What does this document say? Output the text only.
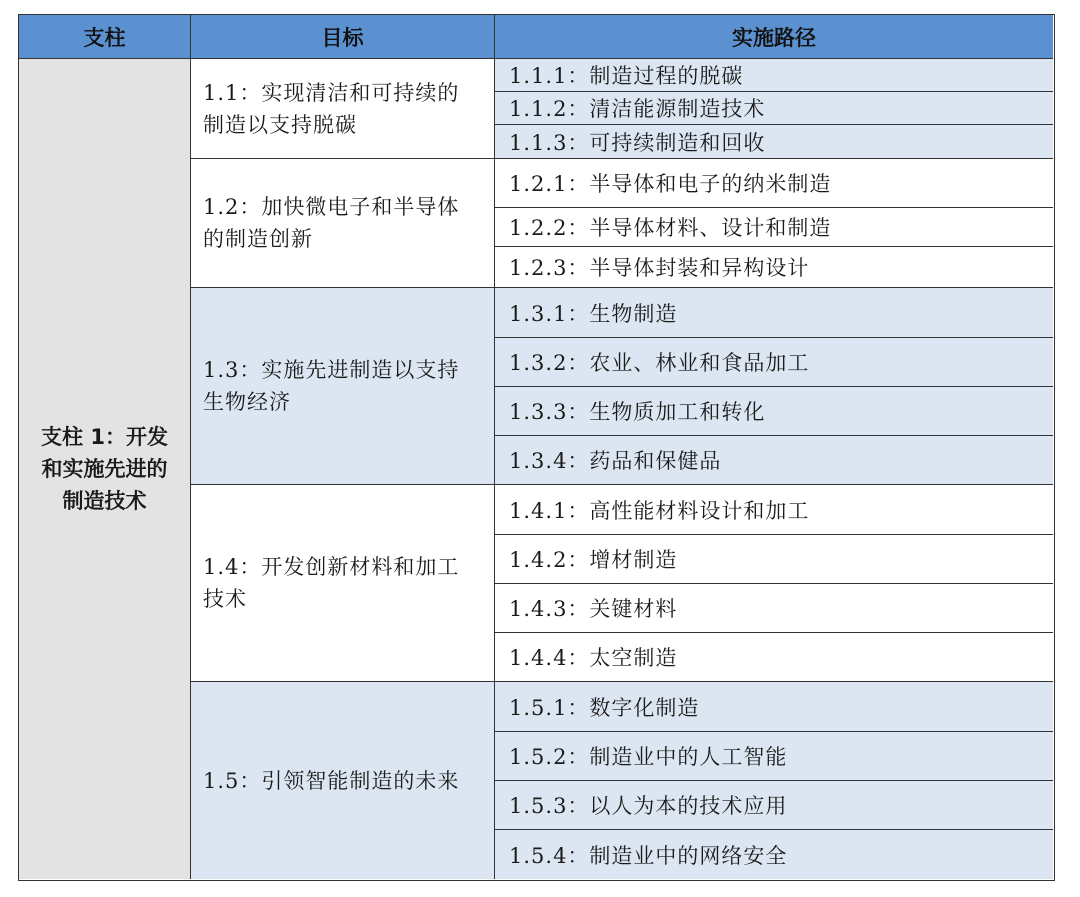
支柱	目标	实施路径
支柱 1：开发和实施先进的制造技术
1.1：实现清洁和可持续的制造以支持脱碳
1.1.1：制造过程的脱碳
1.1.2：清洁能源制造技术
1.1.3：可持续制造和回收
1.2：加快微电子和半导体的制造创新
1.2.1：半导体和电子的纳米制造
1.2.2：半导体材料、设计和制造
1.2.3：半导体封装和异构设计
1.3：实施先进制造以支持生物经济
1.3.1：生物制造
1.3.2：农业、林业和食品加工
1.3.3：生物质加工和转化
1.3.4：药品和保健品
1.4：开发创新材料和加工技术
1.4.1：高性能材料设计和加工
1.4.2：增材制造
1.4.3：关键材料
1.4.4：太空制造
1.5：引领智能制造的未来
1.5.1：数字化制造
1.5.2：制造业中的人工智能
1.5.3：以人为本的技术应用
1.5.4：制造业中的网络安全
